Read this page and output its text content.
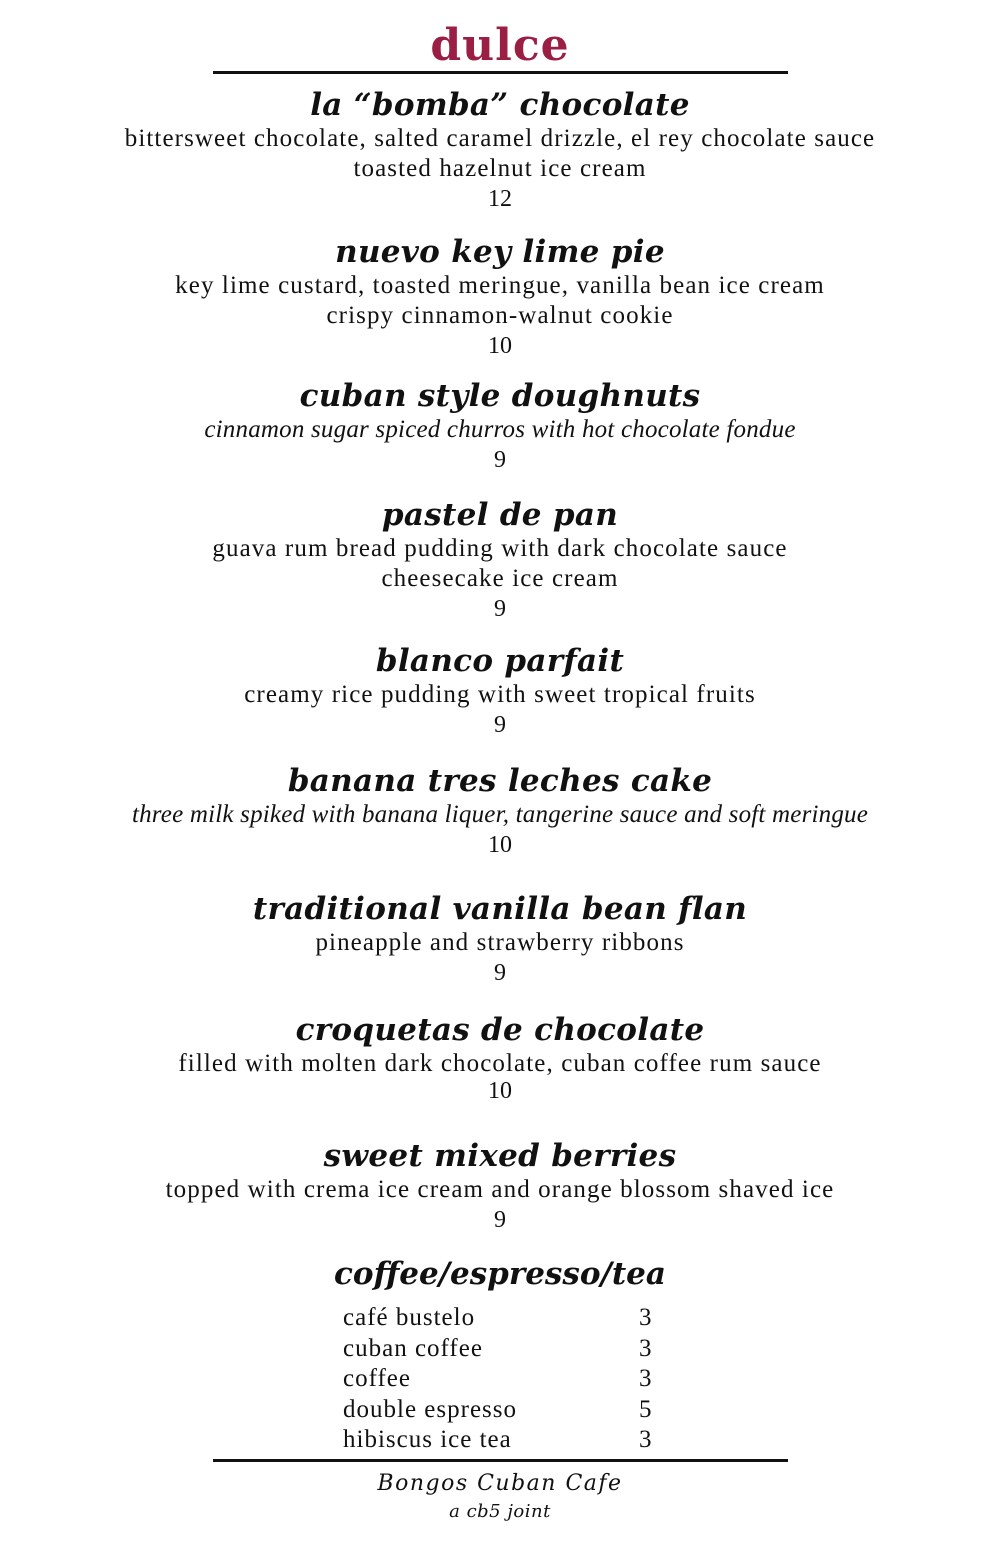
dulce
la “bomba” chocolate
bittersweet chocolate, salted caramel drizzle, el rey chocolate sauce
toasted hazelnut ice cream
12
nuevo key lime pie
key lime custard, toasted meringue, vanilla bean ice cream
crispy cinnamon-walnut cookie
10
cuban style doughnuts
cinnamon sugar spiced churros with hot chocolate fondue
9
pastel de pan
guava rum bread pudding with dark chocolate sauce
cheesecake ice cream
9
blanco parfait
creamy rice pudding with sweet tropical fruits
9
banana tres leches cake
three milk spiked with banana liquer, tangerine sauce and soft meringue
10
traditional vanilla bean flan
pineapple and strawberry ribbons
9
croquetas de chocolate
filled with molten dark chocolate, cuban coffee rum sauce
10
sweet mixed berries
topped with crema ice cream and orange blossom shaved ice
9
coffee/espresso/tea
café bustelo	3
cuban coffee	3
coffee	3
double espresso	5
hibiscus ice tea	3
Bongos Cuban Cafe
a cb5 joint
